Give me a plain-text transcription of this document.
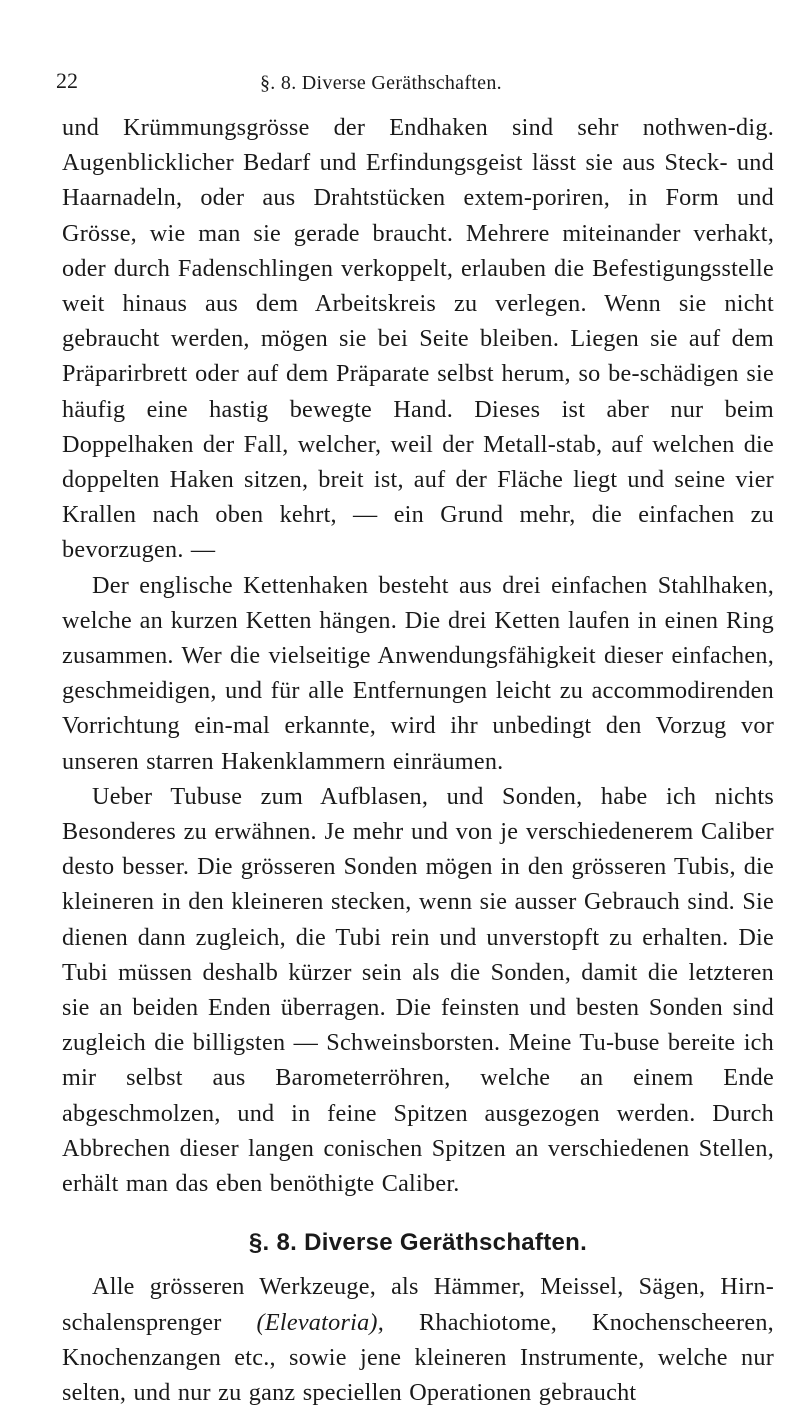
22	§. 8. Diverse Geräthschaften.

und Krümmungsgrösse der Endhaken sind sehr nothwen-dig. Augenblicklicher Bedarf und Erfindungsgeist lässt sie aus Steck- und Haarnadeln, oder aus Drahtstücken extem-poriren, in Form und Grösse, wie man sie gerade braucht. Mehrere miteinander verhakt, oder durch Fadenschlingen verkoppelt, erlauben die Befestigungsstelle weit hinaus aus dem Arbeitskreis zu verlegen. Wenn sie nicht gebraucht werden, mögen sie bei Seite bleiben. Liegen sie auf dem Präparirbrett oder auf dem Präparate selbst herum, so be-schädigen sie häufig eine hastig bewegte Hand. Dieses ist aber nur beim Doppelhaken der Fall, welcher, weil der Metall-stab, auf welchen die doppelten Haken sitzen, breit ist, auf der Fläche liegt und seine vier Krallen nach oben kehrt, — ein Grund mehr, die einfachen zu bevorzugen. —

Der englische Kettenhaken besteht aus drei einfachen Stahlhaken, welche an kurzen Ketten hängen. Die drei Ketten laufen in einen Ring zusammen. Wer die vielseitige Anwendungsfähigkeit dieser einfachen, geschmeidigen, und für alle Entfernungen leicht zu accommodirenden Vorrichtung ein-mal erkannte, wird ihr unbedingt den Vorzug vor unseren starren Hakenklammern einräumen.

Ueber Tubuse zum Aufblasen, und Sonden, habe ich nichts Besonderes zu erwähnen. Je mehr und von je verschiedenerem Caliber desto besser. Die grösseren Sonden mögen in den grösseren Tubis, die kleineren in den kleineren stecken, wenn sie ausser Gebrauch sind. Sie dienen dann zugleich, die Tubi rein und unverstopft zu erhalten. Die Tubi müssen deshalb kürzer sein als die Sonden, damit die letzteren sie an beiden Enden überragen. Die feinsten und besten Sonden sind zugleich die billigsten — Schweinsborsten. Meine Tu-buse bereite ich mir selbst aus Barometerröhren, welche an einem Ende abgeschmolzen, und in feine Spitzen ausgezogen werden. Durch Abbrechen dieser langen conischen Spitzen an verschiedenen Stellen, erhält man das eben benöthigte Caliber.

§. 8. Diverse Geräthschaften.

Alle grösseren Werkzeuge, als Hämmer, Meissel, Sägen, Hirn-schalensprenger (Elevatoria), Rhachiotome, Knochenscheeren, Knochenzangen etc., sowie jene kleineren Instrumente, welche nur selten, und nur zu ganz speciellen Operationen gebraucht
